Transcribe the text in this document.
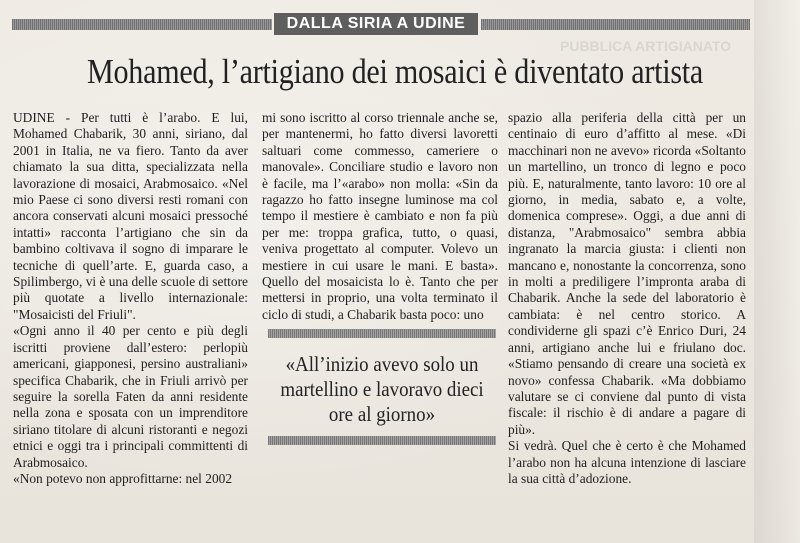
PUBBLICA ARTIGIANATO
DALLA SIRIA A UDINE
Mohamed, l’artigiano dei mosaici è diventato artista

UDINE - Per tutti è l’arabo. E lui, Mohamed Chabarik, 30 anni, siriano, dal 2001 in Italia, ne va fiero. Tanto da aver chiamato la sua ditta, specializzata nella lavorazione di mosaici, Arabmosaico. «Nel mio Paese ci sono diversi resti romani con ancora conservati alcuni mosaici pressoché intatti» racconta l’artigiano che sin da bambino coltivava il sogno di imparare le tecniche di quell’arte. E, guarda caso, a Spilimbergo, vi è una delle scuole di settore più quotate a livello internazionale: "Mosaicisti del Friuli".

«Ogni anno il 40 per cento e più degli iscritti proviene dall’estero: perlopiù americani, giapponesi, persino australiani» specifica Chabarik, che in Friuli arrivò per seguire la sorella Faten da anni residente nella zona e sposata con un imprenditore siriano titolare di alcuni ristoranti e negozi etnici e oggi tra i principali committenti di Arabmosaico.

«Non potevo non approfittarne: nel 2002

mi sono iscritto al corso triennale anche se, per mantenermi, ho fatto diversi lavoretti saltuari come commesso, cameriere o manovale». Conciliare studio e lavoro non è facile, ma l’«arabo» non molla: «Sin da ragazzo ho fatto insegne luminose ma col tempo il mestiere è cambiato e non fa più per me: troppa grafica, tutto, o quasi, veniva progettato al computer. Volevo un mestiere in cui usare le mani. E basta». Quello del mosaicista lo è. Tanto che per mettersi in proprio, una volta terminato il ciclo di studi, a Chabarik basta poco: uno

«All’inizio avevo solo un martellino e lavoravo dieci ore al giorno»

spazio alla periferia della città per un centinaio di euro d’affitto al mese. «Di macchinari non ne avevo» ricorda «Soltanto un martellino, un tronco di legno e poco più. E, naturalmente, tanto lavoro: 10 ore al giorno, in media, sabato e, a volte, domenica comprese». Oggi, a due anni di distanza, "Arabmosaico" sembra abbia ingranato la marcia giusta: i clienti non mancano e, nonostante la concorrenza, sono in molti a prediligere l’impronta araba di Chabarik. Anche la sede del laboratorio è cambiata: è nel centro storico. A condividerne gli spazi c’è Enrico Duri, 24 anni, artigiano anche lui e friulano doc. «Stiamo pensando di creare una società ex novo» confessa Chabarik. «Ma dobbiamo valutare se ci conviene dal punto di vista fiscale: il rischio è di andare a pagare di più».

Si vedrà. Quel che è certo è che Mohamed l’arabo non ha alcuna intenzione di lasciare la sua città d’adozione.
